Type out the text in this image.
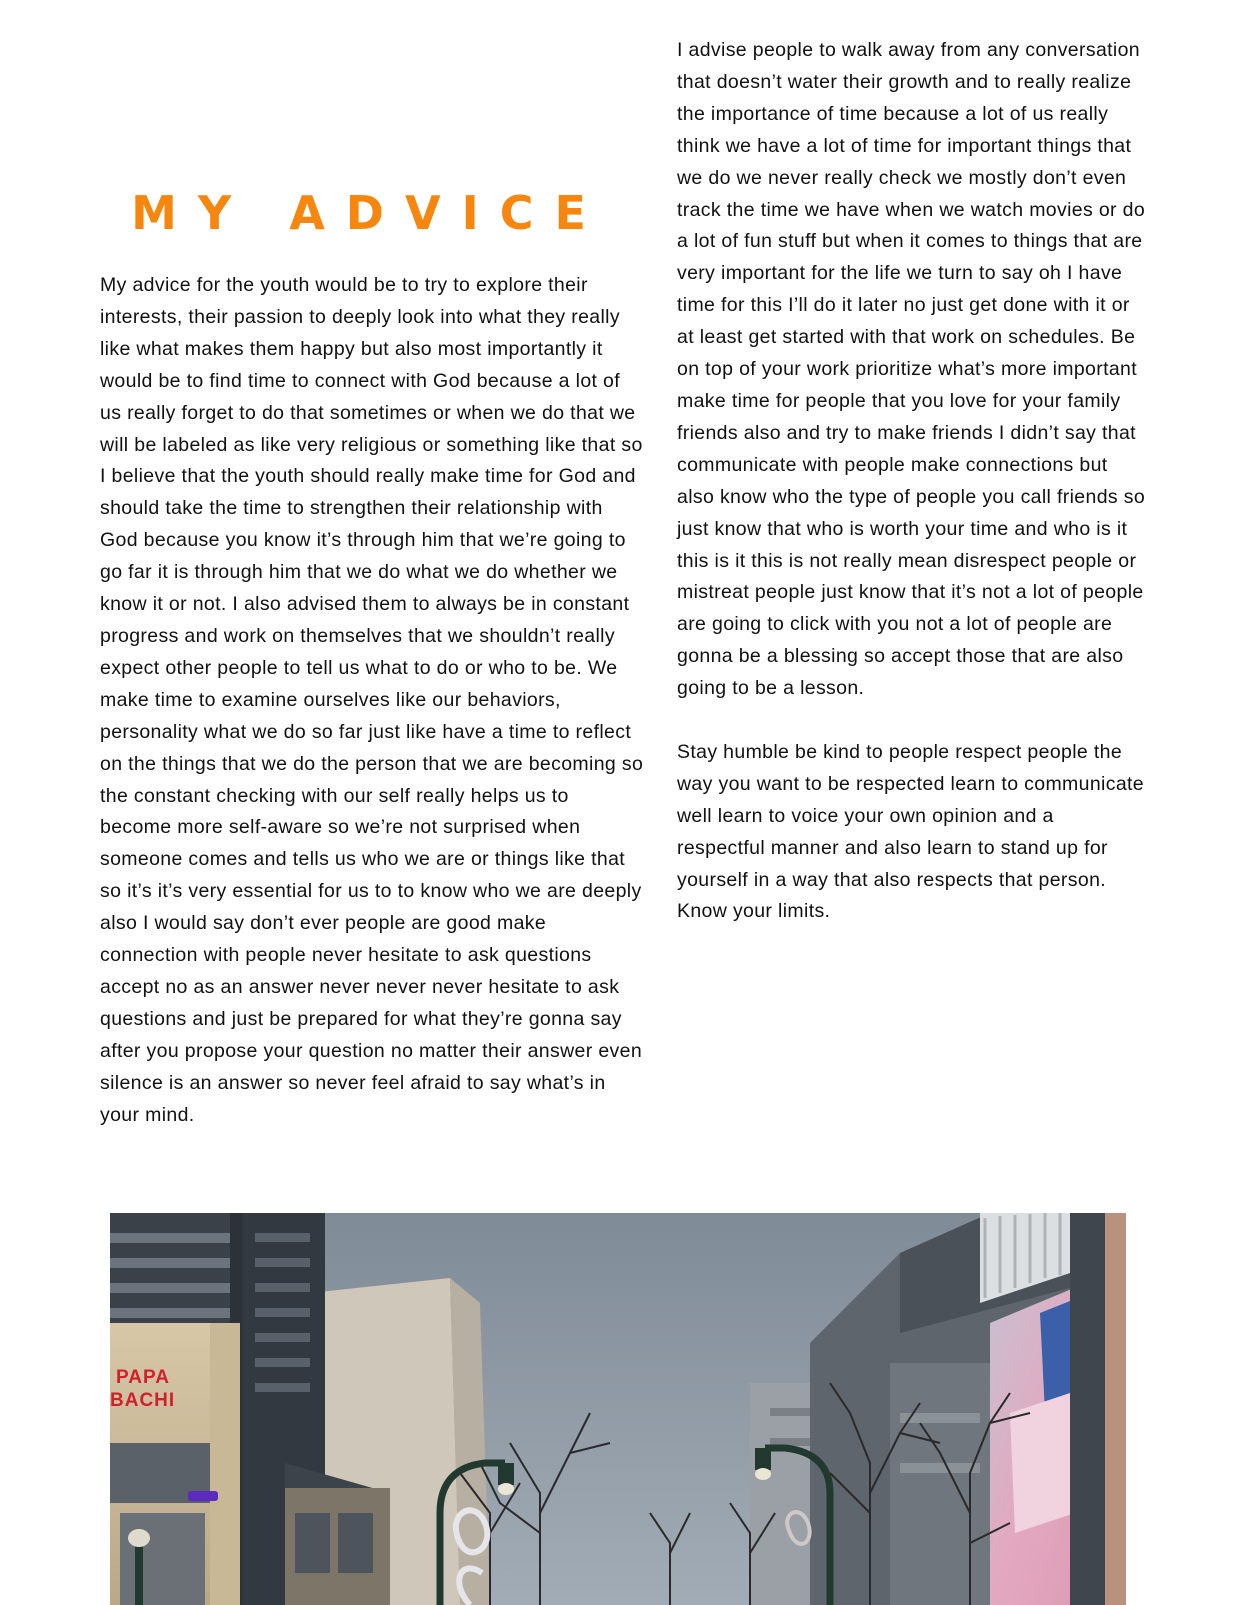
MY ADVICE

My advice for the youth would be to try to explore their interests, their passion to deeply look into what they really like what makes them happy but also most importantly it would be to find time to connect with God because a lot of us really forget to do that sometimes or when we do that we will be labeled as like very religious or something like that so I believe that the youth should really make time for God and should take the time to strengthen their relationship with God because you know it’s through him that we’re going to go far it is through him that we do what we do whether we know it or not. I also advised them to always be in constant progress and work on themselves that we shouldn’t really expect other people to tell us what to do or who to be. We make time to examine ourselves like our behaviors, personality what we do so far just like have a time to reflect on the things that we do the person that we are becoming so the constant checking with our self really helps us to become more self-aware so we’re not surprised when someone comes and tells us who we are or things like that so it’s it’s very essential for us to to know who we are deeply also I would say don’t ever people are good make connection with people never hesitate to ask questions accept no as an answer never never never hesitate to ask questions and just be prepared for what they’re gonna say after you propose your question no matter their answer even silence is an answer so never feel afraid to say what’s in your mind.

I advise people to walk away from any conversation that doesn’t water their growth and to really realize the importance of time because a lot of us really think we have a lot of time for important things that we do we never really check we mostly don’t even track the time we have when we watch movies or do a lot of fun stuff but when it comes to things that are very important for the life we turn to say oh I have time for this I’ll do it later no just get done with it or at least get started with that work on schedules. Be on top of your work prioritize what’s more important make time for people that you love for your family friends also and try to make friends I didn’t say that communicate with people make connections but also know who the type of people you call friends so just know that who is worth your time and who is it this is it this is not really mean disrespect people or mistreat people just know that it’s not a lot of people are going to click with you not a lot of people are gonna be a blessing so accept those that are also going to be a lesson.

Stay humble be kind to people respect people the way you want to be respected learn to communicate well learn to voice your own opinion and a respectful manner and also learn to stand up for yourself in a way that also respects that person. Know your limits.

PAPA
BACHI
